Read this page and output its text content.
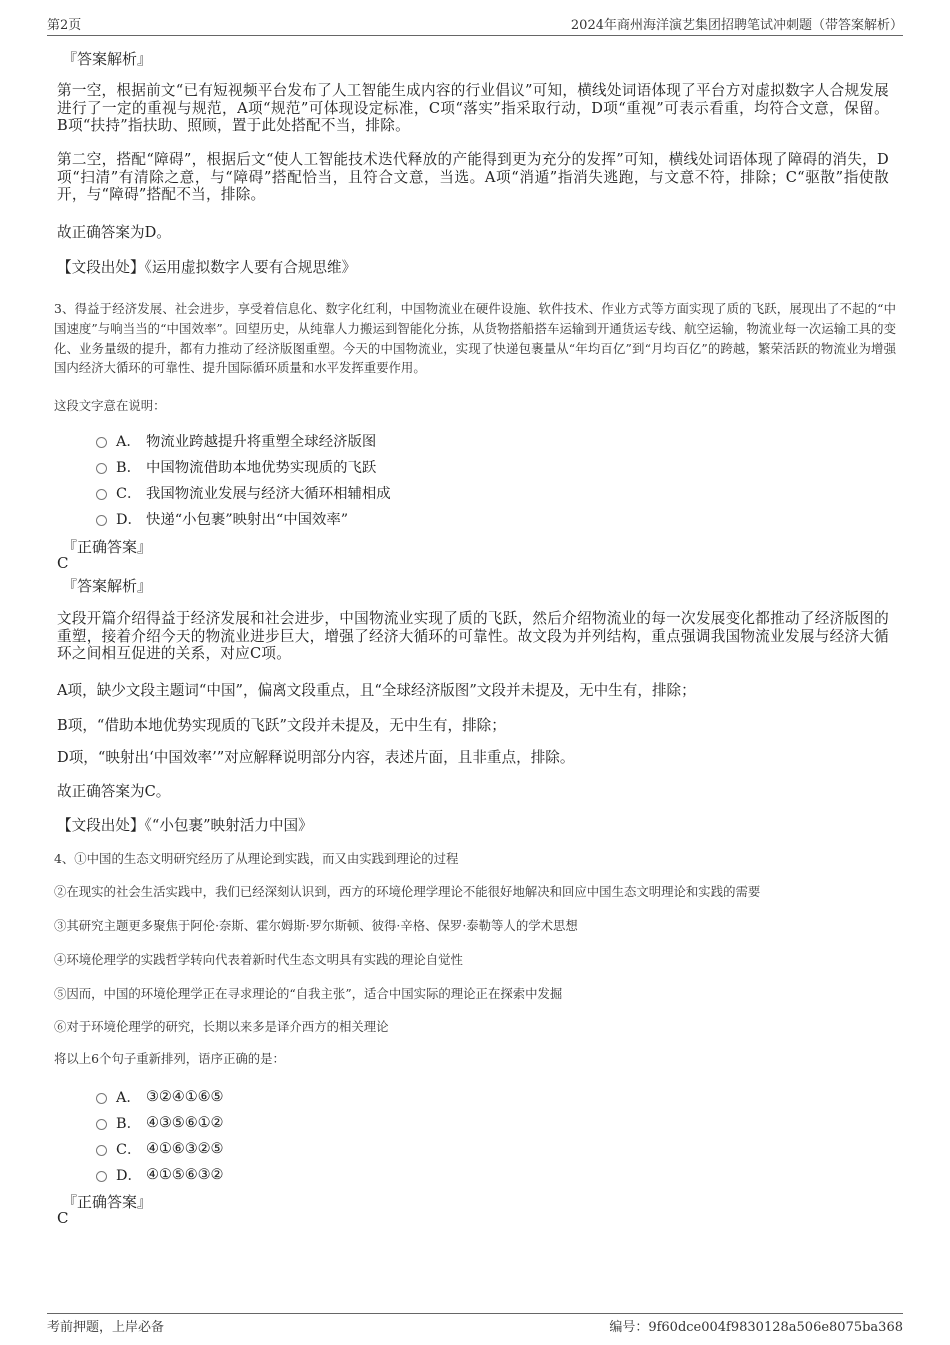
第2页	2024年商州海洋演艺集团招聘笔试冲刺题（带答案解析）
『答案解析』
第一空，根据前文“已有短视频平台发布了人工智能生成内容的行业倡议”可知，横线处词语体现了平台方对虚拟数字人合规发展进行了一定的重视与规范，A项“规范”可体现设定标准，C项“落实”指采取行动，D项“重视”可表示看重，均符合文意，保留。B项“扶持”指扶助、照顾，置于此处搭配不当，排除。
第二空，搭配“障碍”，根据后文“使人工智能技术迭代释放的产能得到更为充分的发挥”可知，横线处词语体现了障碍的消失，D项“扫清”有清除之意，与“障碍”搭配恰当，且符合文意，当选。A项“消遁”指消失逃跑，与文意不符，排除；C“驱散”指使散开，与“障碍”搭配不当，排除。
故正确答案为D。
【文段出处】《运用虚拟数字人要有合规思维》
3、得益于经济发展、社会进步，享受着信息化、数字化红利，中国物流业在硬件设施、软件技术、作业方式等方面实现了质的飞跃，展现出了不起的“中国速度”与响当当的“中国效率”。回望历史，从纯靠人力搬运到智能化分拣，从货物搭船搭车运输到开通货运专线、航空运输，物流业每一次运输工具的变化、业务量级的提升，都有力推动了经济版图重塑。今天的中国物流业，实现了快递包裹量从“年均百亿”到“月均百亿”的跨越，繁荣活跃的物流业为增强国内经济大循环的可靠性、提升国际循环质量和水平发挥重要作用。
这段文字意在说明：
A． 物流业跨越提升将重塑全球经济版图
B． 中国物流借助本地优势实现质的飞跃
C． 我国物流业发展与经济大循环相辅相成
D． 快递“小包裹”映射出“中国效率”
『正确答案』
C
『答案解析』
文段开篇介绍得益于经济发展和社会进步，中国物流业实现了质的飞跃，然后介绍物流业的每一次发展变化都推动了经济版图的重塑，接着介绍今天的物流业进步巨大，增强了经济大循环的可靠性。故文段为并列结构，重点强调我国物流业发展与经济大循环之间相互促进的关系，对应C项。
A项，缺少文段主题词“中国”，偏离文段重点，且“全球经济版图”文段并未提及，无中生有，排除；
B项，“借助本地优势实现质的飞跃”文段并未提及，无中生有，排除；
D项，“映射出‘中国效率’”对应解释说明部分内容，表述片面，且非重点，排除。
故正确答案为C。
【文段出处】《“小包裹”映射活力中国》
4、①中国的生态文明研究经历了从理论到实践，而又由实践到理论的过程
②在现实的社会生活实践中，我们已经深刻认识到，西方的环境伦理学理论不能很好地解决和回应中国生态文明理论和实践的需要
③其研究主题更多聚焦于阿伦·奈斯、霍尔姆斯·罗尔斯顿、彼得·辛格、保罗·泰勒等人的学术思想
④环境伦理学的实践哲学转向代表着新时代生态文明具有实践的理论自觉性
⑤因而，中国的环境伦理学正在寻求理论的“自我主张”，适合中国实际的理论正在探索中发掘
⑥对于环境伦理学的研究，长期以来多是译介西方的相关理论
将以上6个句子重新排列，语序正确的是：
A． ③②④①⑥⑤
B． ④③⑤⑥①②
C． ④①⑥③②⑤
D． ④①⑤⑥③②
『正确答案』
C
考前押题，上岸必备	编号：9f60dce004f9830128a506e8075ba368
